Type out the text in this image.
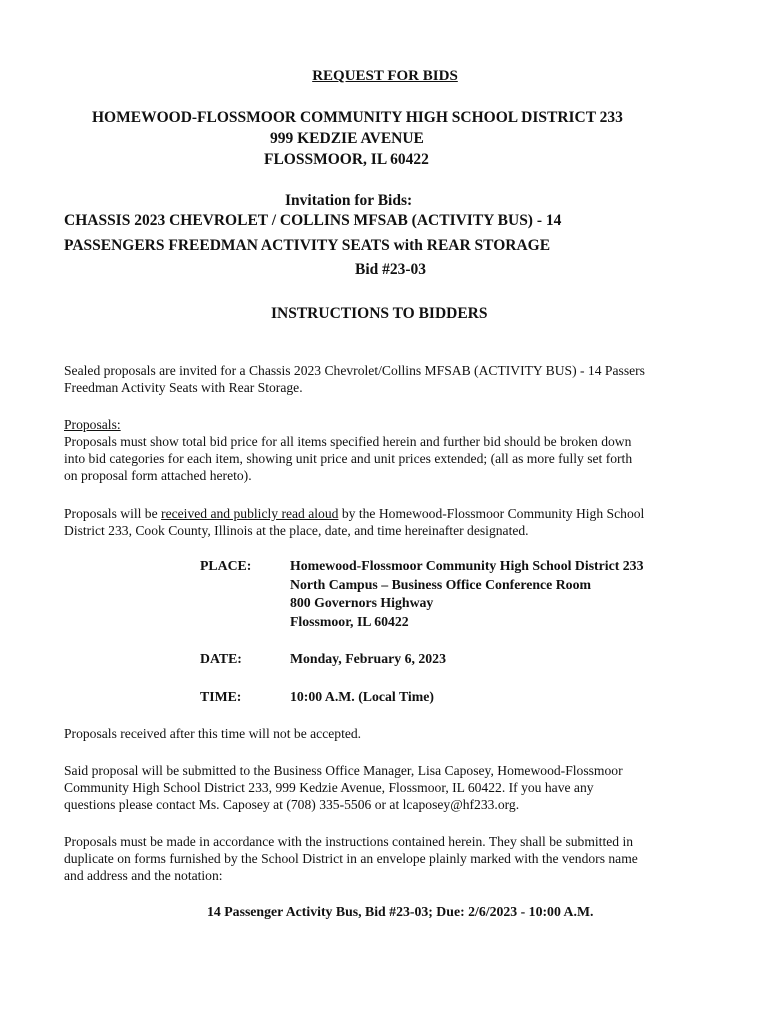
REQUEST FOR BIDS
HOMEWOOD-FLOSSMOOR COMMUNITY HIGH SCHOOL DISTRICT 233
999 KEDZIE AVENUE
FLOSSMOOR, IL 60422
Invitation for Bids:
CHASSIS 2023 CHEVROLET / COLLINS MFSAB (ACTIVITY BUS) - 14
PASSENGERS FREEDMAN ACTIVITY SEATS with REAR STORAGE
Bid #23-03
INSTRUCTIONS TO BIDDERS
Sealed proposals are invited for a Chassis 2023 Chevrolet/Collins MFSAB (ACTIVITY BUS) - 14 Passers
Freedman Activity Seats with Rear Storage.
Proposals:
Proposals must show total bid price for all items specified herein and further bid should be broken down
into bid categories for each item, showing unit price and unit prices extended; (all as more fully set forth
on proposal form attached hereto).
Proposals will be received and publicly read aloud by the Homewood-Flossmoor Community High School
District 233, Cook County, Illinois at the place, date, and time hereinafter designated.
PLACE:	Homewood-Flossmoor Community High School District 233
North Campus – Business Office Conference Room
800 Governors Highway
Flossmoor, IL 60422
DATE:	Monday, February 6, 2023
TIME:	10:00 A.M. (Local Time)
Proposals received after this time will not be accepted.
Said proposal will be submitted to the Business Office Manager, Lisa Caposey, Homewood-Flossmoor
Community High School District 233, 999 Kedzie Avenue, Flossmoor, IL 60422. If you have any
questions please contact Ms. Caposey at (708) 335-5506 or at lcaposey@hf233.org.
Proposals must be made in accordance with the instructions contained herein. They shall be submitted in
duplicate on forms furnished by the School District in an envelope plainly marked with the vendors name
and address and the notation:
14 Passenger Activity Bus, Bid #23-03; Due: 2/6/2023 - 10:00 A.M.
